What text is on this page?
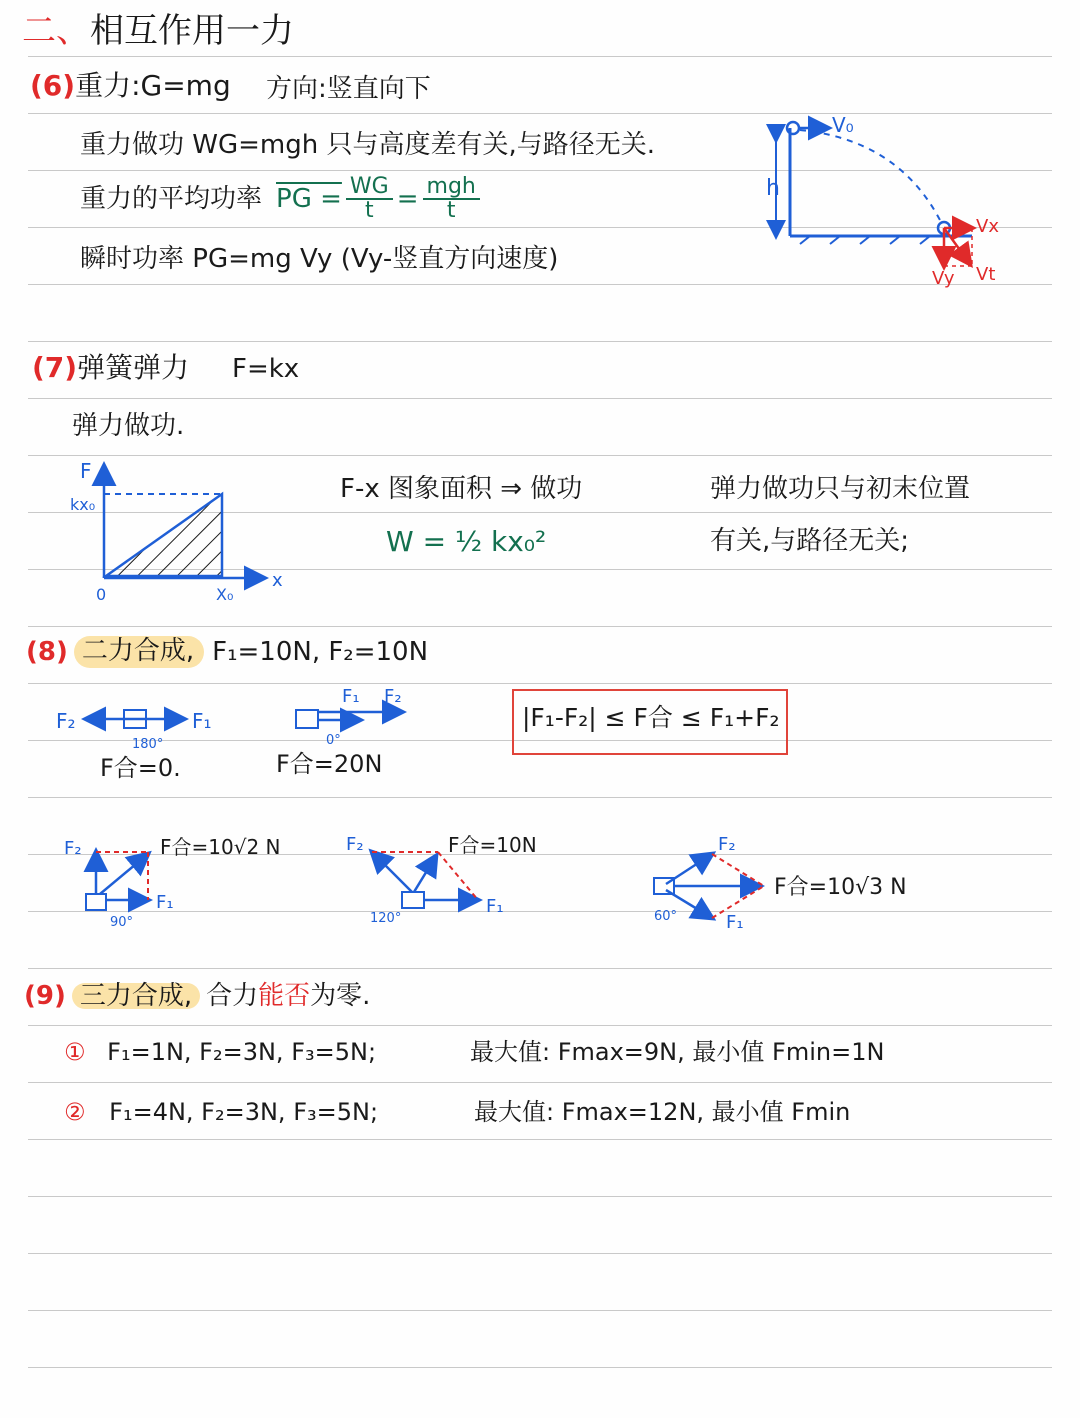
二、相互作用一力
(6)重力:G=mg 方向:竖直向下
重力做功 WG=mgh 只与高度差有关,与路径无关.
重力的平均功率 PG = $\frac{WG}{t} = \frac{\text{mgh}}{t}$
瞬时功率 PG=mg Vy (Vy-竖直方向速度)
h
V₀
Vx
Vy Vt
(7)弹簧弹力 F=kx
弹力做功.
F
x
kx₀
0	X₀
F-x 图象面积 ⇒ 做功
W = ½ kx₀²
弹力做功只与初末位置
有关,与路径无关;
(8) 二力合成, F₁=10N, F₂=10N
F₂	F₁
180°
F₁ F₂
0°
F₂
F₁
90°
F合=10√2 N	F₂
F₁
120°
F合=10N	F₂
F₁
60°
F合=10√3 N
F合=0.	F合=20N
|F₁-F₂| ≤ F合 ≤ F₁+F₂
(9) 三力合成, 合力 能否 为零.
① F₁=1N, F₂=3N, F₃=5N;	最大值: Fmax=9N, 最小值 Fmin=1N
② F₁=4N, F₂=3N, F₃=5N;	最大值: Fmax=12N, 最小值 Fmin
